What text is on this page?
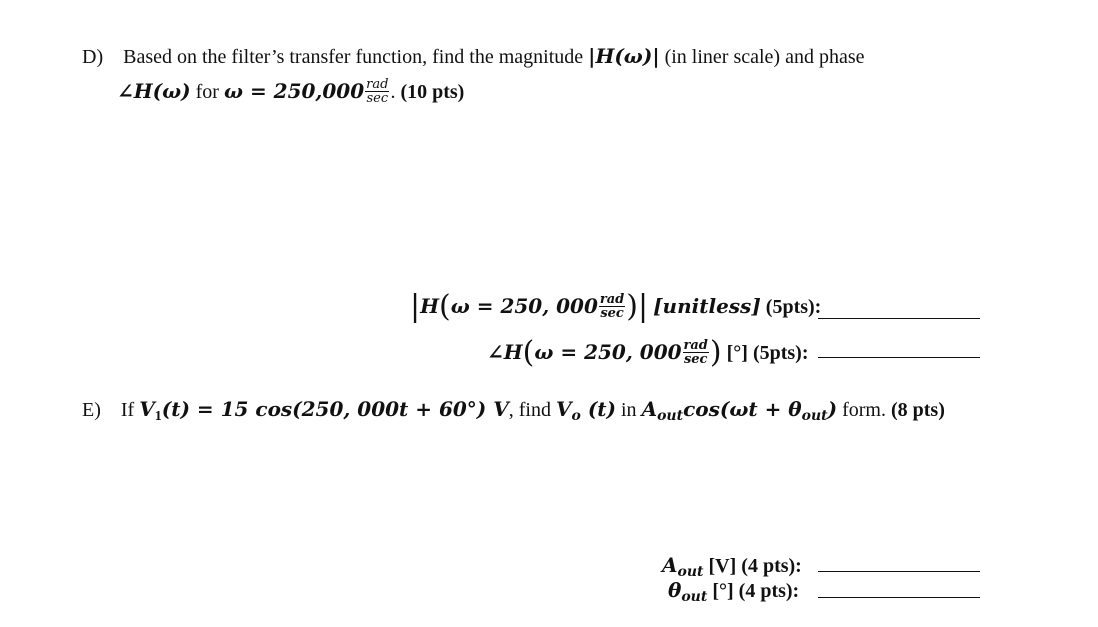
D) Based on the filter’s transfer function, find the magnitude |H(ω)| (in liner scale) and phase
∠H(ω) for $\omega = 250,000 \frac{\text{rad}}{\sec}$ . (10 pts)
|H(ω = 250, $000 \frac{\text{rad}}{\sec}$ )| [unitless] (5pts):
∠H(ω = 250, $000 \frac{\text{rad}}{\sec}$ ) [°] (5pts):
E) If $V_1(t) = 15$ cos(250, 000t + 60°) V, find $V_o$ (t) in $A_{out}\cos(\omega t + \theta_{out})$ form. (8 pts)
$A_{out}$ [V] (4 pts):
$\theta_{out}$ [°] (4 pts):
